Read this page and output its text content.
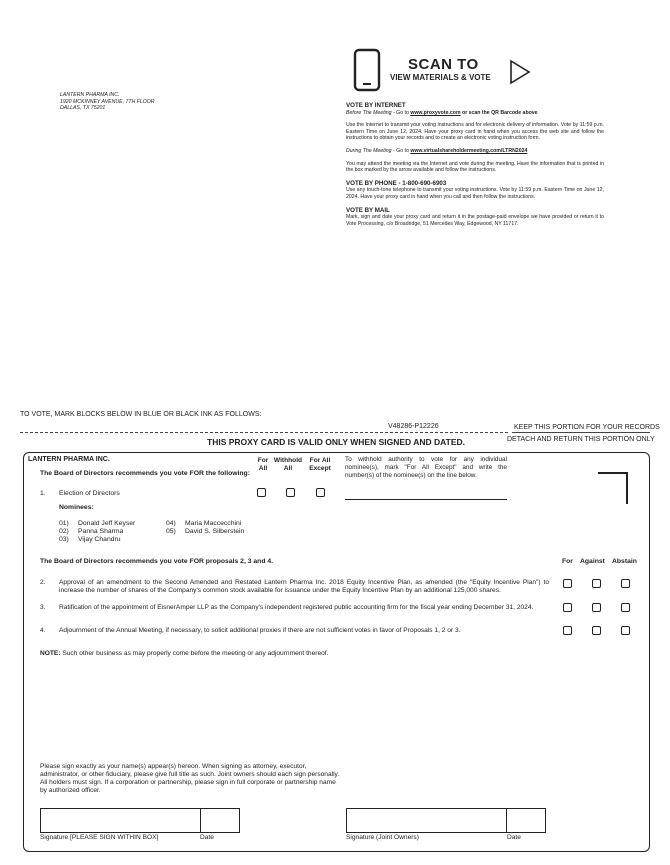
LANTERN PHARMA INC.
1920 MCKINNEY AVENUE, 7TH FLOOR
DALLAS, TX 75201
SCAN TO
VIEW MATERIALS & VOTE
VOTE BY INTERNET
Before The Meeting - Go to www.proxyvote.com or scan the QR Barcode above
Use the Internet to transmit your voting instructions and for electronic delivery of information. Vote by 11:59 p.m. Eastern Time on June 12, 2024. Have your proxy card in hand when you access the web site and follow the instructions to obtain your records and to create an electronic voting instruction form.
During The Meeting - Go to www.virtualshareholdermeeting.com/LTRN2024
You may attend the meeting via the Internet and vote during the meeting. Have the information that is printed in the box marked by the arrow available and follow the instructions.
VOTE BY PHONE - 1-800-690-6903
Use any touch-tone telephone to transmit your voting instructions. Vote by 11:59 p.m. Eastern Time on June 12, 2024. Have your proxy card in hand when you call and then follow the instructions.
VOTE BY MAIL
Mark, sign and date your proxy card and return it in the postage-paid envelope we have provided or return it to Vote Processing, c/o Broadridge, 51 Mercedes Way, Edgewood, NY 11717.
TO VOTE, MARK BLOCKS BELOW IN BLUE OR BLACK INK AS FOLLOWS:
V48286-P12226	KEEP THIS PORTION FOR YOUR RECORDS
DETACH AND RETURN THIS PORTION ONLY
THIS PROXY CARD IS VALID ONLY WHEN SIGNED AND DATED.
LANTERN PHARMA INC.
The Board of Directors recommends you vote FOR the following:
For
All
Withhold
All
For All
Except
To withhold authority to vote for any individual nominee(s), mark "For All Except" and write the number(s) of the nominee(s) on the line below.
1. Election of Directors
Nominees:
01) Donald Jeff Keyser
02) Panna Sharma
03) Vijay Chandru
04) Maria Maccecchini
05) David S. Silberstein
The Board of Directors recommends you vote FOR proposals 2, 3 and 4.	For Against Abstain
2. Approval of an amendment to the Second Amended and Restated Lantern Pharma Inc. 2018 Equity Incentive Plan, as amended (the "Equity Incentive Plan") to increase the number of shares of the Company's common stock available for issuance under the Equity Incentive Plan by an additional 125,000 shares.
3. Ratification of the appointment of EisnerAmper LLP as the Company's independent registered public accounting firm for the fiscal year ending December 31, 2024.
4. Adjournment of the Annual Meeting, if necessary, to solicit additional proxies if there are not sufficient votes in favor of Proposals 1, 2 or 3.
NOTE: Such other business as may properly come before the meeting or any adjournment thereof.
Please sign exactly as your name(s) appear(s) hereon. When signing as attorney, executor, administrator, or other fiduciary, please give full title as such. Joint owners should each sign personally. All holders must sign. If a corporation or partnership, please sign in full corporate or partnership name by authorized officer.
Signature [PLEASE SIGN WITHIN BOX]	Date	Signature (Joint Owners)	Date
